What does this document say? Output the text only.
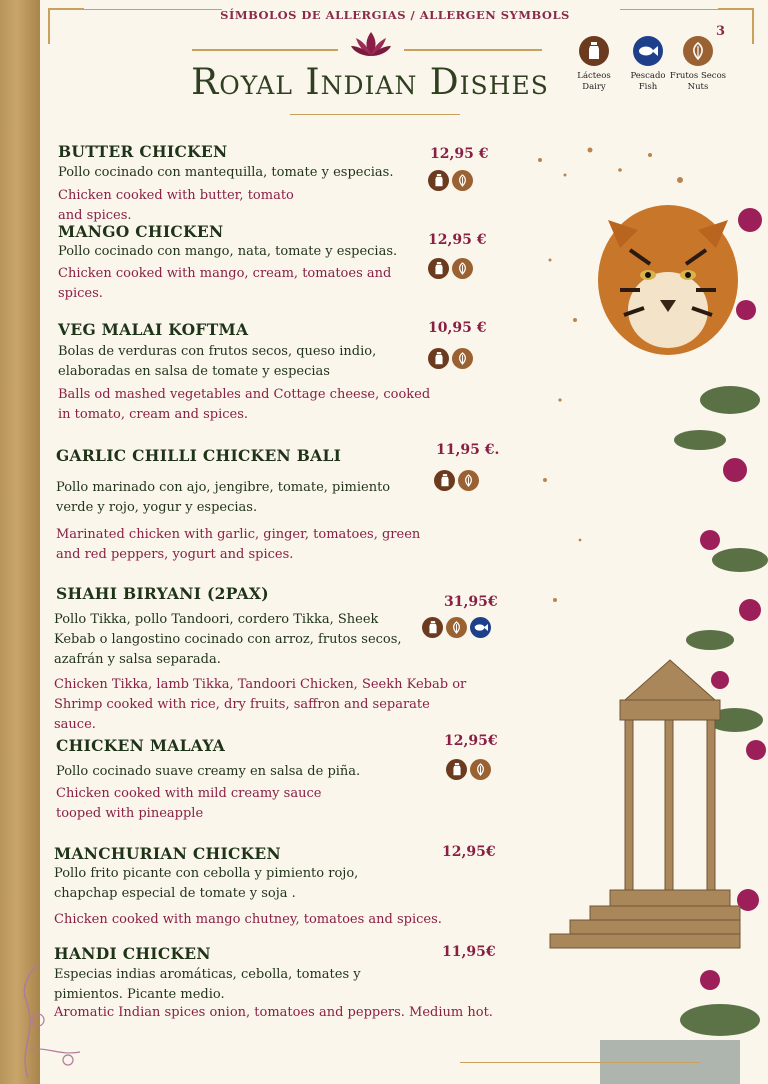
SÍMBOLOS DE ALLERGIAS / ALLERGEN SYMBOLS
3
Royal Indian Dishes	Lácteos
Dairy
Pescado
Fish
Frutos Secos
Nuts
BUTTER CHICKEN	12,95 €
Pollo cocinado con mantequilla, tomate y especias.
Chicken cooked with butter, tomato and spices.
MANGO CHICKEN	12,95 €
Pollo cocinado con mango, nata, tomate y especias.
Chicken cooked with mango, cream, tomatoes and spices.
VEG MALAI KOFTMA	10,95 €
Bolas de verduras con frutos secos, queso indio, elaboradas en salsa de tomate y especias
Balls od mashed vegetables and Cottage cheese, cooked in tomato, cream and spices.
GARLIC CHILLI CHICKEN BALI	11,95 €.
Pollo marinado con ajo, jengibre, tomate, pimiento verde y rojo, yogur y especias.
Marinated chicken with garlic, ginger, tomatoes, green and red peppers, yogurt and spices.
SHAHI BIRYANI (2PAX)	31,95€
Pollo Tikka, pollo Tandoori, cordero Tikka, Sheek Kebab o langostino cocinado con arroz, frutos secos, azafrán y salsa separada.
Chicken Tikka, lamb Tikka, Tandoori Chicken, Seekh Kebab or Shrimp cooked with rice, dry fruits, saffron and separate sauce.
CHICKEN MALAYA	12,95€
Pollo cocinado suave creamy en salsa de piña.
Chicken cooked with mild creamy sauce tooped with pineapple
MANCHURIAN CHICKEN	12,95€
Pollo frito picante con cebolla y pimiento rojo, chapchap especial de tomate y soja .
Chicken cooked with mango chutney, tomatoes and spices.
HANDI CHICKEN	11,95€
Especias indias aromáticas, cebolla, tomates y pimientos. Picante medio.
Aromatic Indian spices onion, tomatoes and peppers. Medium hot.
